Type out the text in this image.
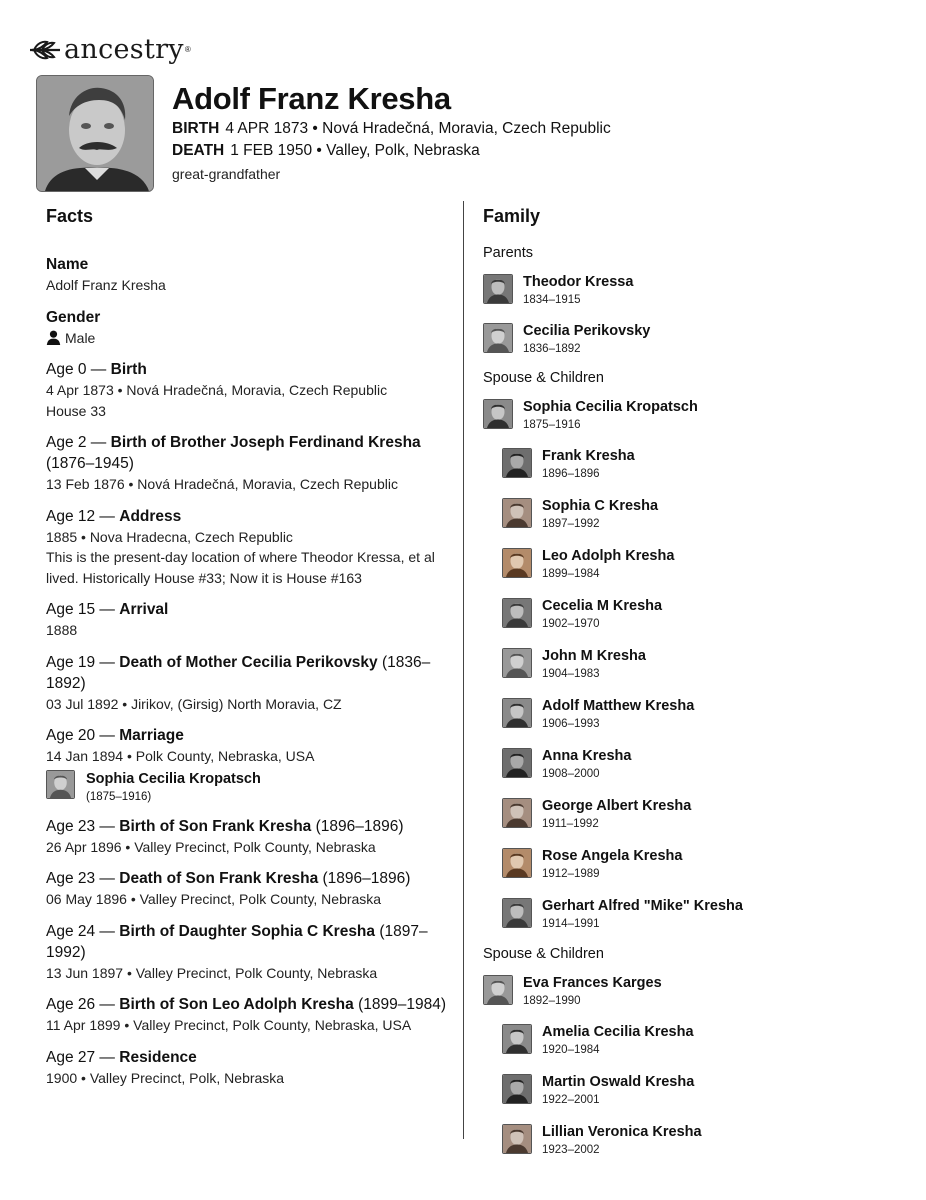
ancestry ®
Adolf Franz Kresha
BIRTH 4 APR 1873 • Nová Hradečná, Moravia, Czech Republic
DEATH 1 FEB 1950 • Valley, Polk, Nebraska
great-grandfather
Facts
Name
Adolf Franz Kresha
Gender
Male
Age 0 — Birth
4 Apr 1873 • Nová Hradečná, Moravia, Czech Republic
House 33
Age 2 — Birth of Brother Joseph Ferdinand Kresha (1876–1945)
13 Feb 1876 • Nová Hradečná, Moravia, Czech Republic
Age 12 — Address
1885 • Nova Hradecna, Czech Republic
This is the present-day location of where Theodor Kressa, et al lived. Historically House #33; Now it is House #163
Age 15 — Arrival
1888
Age 19 — Death of Mother Cecilia Perikovsky (1836–1892)
03 Jul 1892 • Jirikov, (Girsig) North Moravia, CZ
Age 20 — Marriage
14 Jan 1894 • Polk County, Nebraska, USA
Sophia Cecilia Kropatsch
(1875–1916)
Age 23 — Birth of Son Frank Kresha (1896–1896)
26 Apr 1896 • Valley Precinct, Polk County, Nebraska
Age 23 — Death of Son Frank Kresha (1896–1896)
06 May 1896 • Valley Precinct, Polk County, Nebraska
Age 24 — Birth of Daughter Sophia C Kresha (1897–1992)
13 Jun 1897 • Valley Precinct, Polk County, Nebraska
Age 26 — Birth of Son Leo Adolph Kresha (1899–1984)
11 Apr 1899 • Valley Precinct, Polk County, Nebraska, USA
Age 27 — Residence
1900 • Valley Precinct, Polk, Nebraska
Family
Parents
Theodor Kressa
1834–1915
Cecilia Perikovsky
1836–1892
Spouse & Children
Sophia Cecilia Kropatsch
1875–1916
Frank Kresha
1896–1896
Sophia C Kresha
1897–1992
Leo Adolph Kresha
1899–1984
Cecelia M Kresha
1902–1970
John M Kresha
1904–1983
Adolf Matthew Kresha
1906–1993
Anna Kresha
1908–2000
George Albert Kresha
1911–1992
Rose Angela Kresha
1912–1989
Gerhart Alfred "Mike" Kresha
1914–1991
Spouse & Children
Eva Frances Karges
1892–1990
Amelia Cecilia Kresha
1920–1984
Martin Oswald Kresha
1922–2001
Lillian Veronica Kresha
1923–2002
